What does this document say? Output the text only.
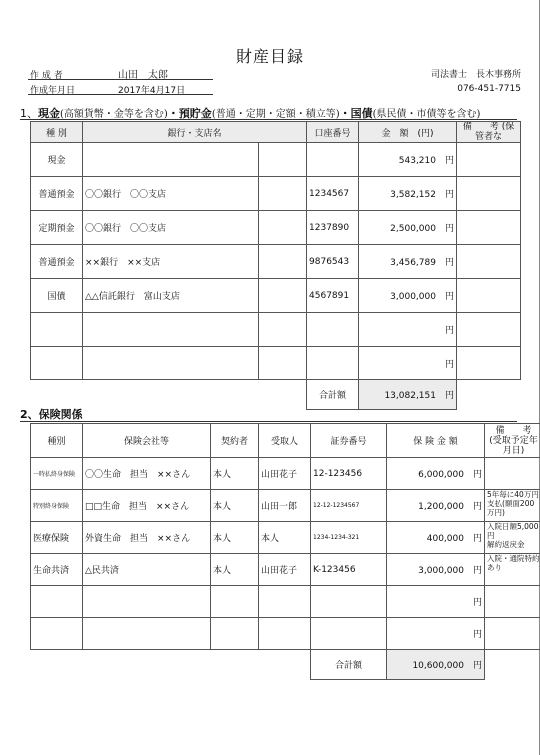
財産目録
作 成 者	山田　太郎
作成年月日	2017年4月17日
司法書士　長木事務所
076-451-7715
1、現金(高額貨幣・金等を含む)・預貯金(普通・定期・定額・積立等)・国債(県民債・市債等を含む)
種 別	銀行・支店名		口座番号	金　額　(円)	備　　考 (保管者な
現金				543,210　 円	
普通預金	〇〇銀行　〇〇支店		1234567	3,582,152　 円	
定期預金	〇〇銀行　〇〇支店		1237890	2,500,000　 円	
普通預金	××銀行　××支店		9876543	3,456,789　 円	
国債	△△信託銀行　富山支店		4567891	3,000,000　 円	
				円	
				円	
			合計額	13,082,151　 円	
2、保険関係
種別	保険会社等	契約者	受取人	証券番号	保 険 金 額	備　　考
(受取予定年
月日)
一時払終身保険	〇〇生命　担当　××さん	本人	山田花子	12-123456	6,000,000　 円	
特別終身保険	□□生命　担当　××さん	本人	山田一郎	12-12-1234567	1,200,000　 円	5年毎に40万円支払(額面200万円)
医療保険	外資生命　担当　××さん	本人	本人	1234-1234-321	400,000　 円	入院日額5,000円
解約返戻金
生命共済	△民共済	本人	山田花子	K-123456	3,000,000　 円	入院・通院特約あり
					円	
					円	
				合計額	10,600,000　 円	
